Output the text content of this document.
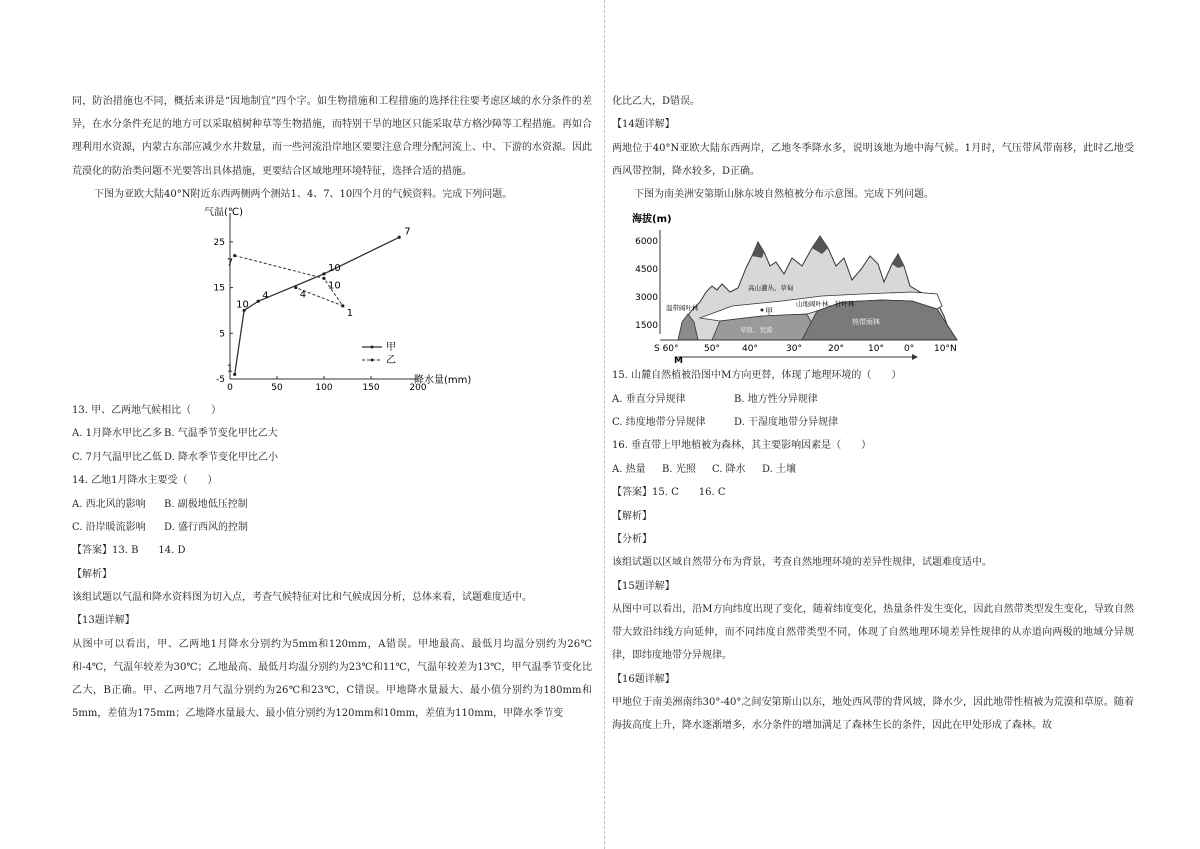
同，防治措施也不同，概括来讲是“因地制宜”四个字。如生物措施和工程措施的选择往往要考虑区域的水分条件的差异，在水分条件充足的地方可以采取植树种草等生物措施，而特别干旱的地区只能采取草方格沙障等工程措施。再如合理利用水资源，内蒙古东部应减少水井数量，而一些河流沿岸地区要要注意合理分配河流上、中、下游的水资源。因此荒漠化的防治类问题不光要答出具体措施，更要结合区域地理环境特征，选择合适的措施。

下图为亚欧大陆40°N附近东西两侧两个测站1、4、7、10四个月的气候资料。完成下列问题。

气温(℃)
降水量(mm)
-5
5
15
25
0	50	100	150	200
1
10
4
10
7
7
10
1
4
甲
乙

13. 甲、乙两地气候相比（　　）

A. 1月降水甲比乙多 B. 气温季节变化甲比乙大
C. 7月气温甲比乙低 D. 降水季节变化甲比乙小

14. 乙地1月降水主要受（　　）

A. 西北风的影响	B. 副极地低压控制
C. 沿岸暖流影响	D. 盛行西风的控制

【答案】13. B　　14. D

【解析】

该组试题以气温和降水资料图为切入点，考查气候特征对比和气候成因分析，总体来看，试题难度适中。

【13题详解】

从图中可以看出，甲、乙两地1月降水分别约为5mm和120mm，A错误。甲地最高、最低月均温分别约为26℃和-4℃，气温年较差为30℃；乙地最高、最低月均温分别约为23℃和11℃，气温年较差为13℃，甲气温季节变化比乙大，B正确。甲、乙两地7月气温分别约为26℃和23℃，C错误。甲地降水量最大、最小值分别约为180mm和5mm，差值为175mm；乙地降水量最大、最小值分别约为120mm和10mm，差值为110mm，甲降水季节变

化比乙大，D错误。

【14题详解】

两地位于40°N亚欧大陆东西两岸，乙地冬季降水多，说明该地为地中海气候。1月时，气压带风带南移，此时乙地受西风带控制，降水较多，D正确。

下图为南美洲安第斯山脉东坡自然植被分布示意图。完成下列问题。

海拔(m)
6000
4500
3000
1500
温带阔叶林
高山灌丛、草甸
山地阔叶林、针叶林
草原、荒漠
热带雨林
甲
S 60°	50° 40°	30°	20°	10° 0° 10°N
M

15. 山麓自然植被沿图中M方向更替，体现了地理环境的（　　）

A. 垂直分异规律	B. 地方性分异规律
C. 纬度地带分异规律	D. 干湿度地带分异规律

16. 垂直带上甲地植被为森林，其主要影响因素是（　　）

A. 热量	B. 光照	C. 降水	D. 土壤

【答案】15. C　　16. C

【解析】

【分析】

该组试题以区域自然带分布为背景，考查自然地理环境的差异性规律，试题难度适中。

【15题详解】

从图中可以看出，沿M方向纬度出现了变化，随着纬度变化，热量条件发生变化，因此自然带类型发生变化，导致自然带大致沿纬线方向延伸，而不同纬度自然带类型不同，体现了自然地理环境差异性规律的从赤道向两极的地域分异规律，即纬度地带分异规律。

【16题详解】

甲地位于南美洲南纬30°-40°之间安第斯山以东，地处西风带的背风坡，降水少，因此地带性植被为荒漠和草原。随着海拔高度上升，降水逐渐增多，水分条件的增加满足了森林生长的条件，因此在甲处形成了森林。故
